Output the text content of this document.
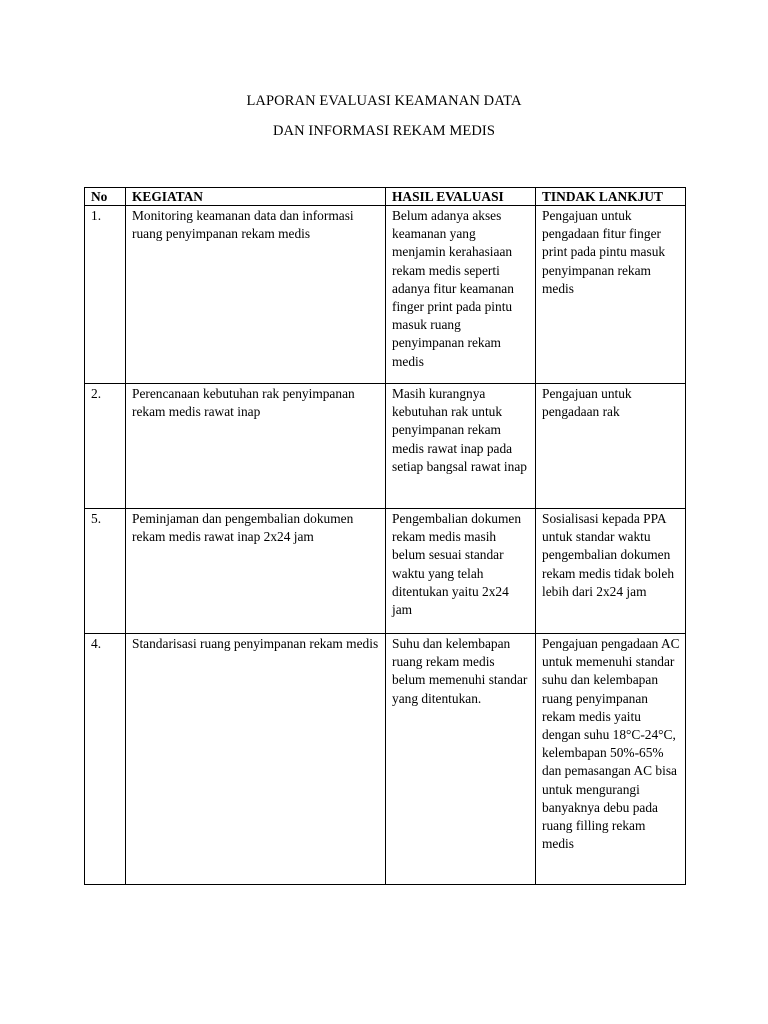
LAPORAN EVALUASI KEAMANAN DATA
DAN INFORMASI REKAM MEDIS
No	KEGIATAN	HASIL EVALUASI	TINDAK LANKJUT
1.	Monitoring keamanan data dan informasi ruang penyimpanan rekam medis	Belum adanya akses keamanan yang menjamin kerahasiaan rekam medis seperti adanya fitur keamanan finger print pada pintu masuk ruang penyimpanan rekam medis	Pengajuan untuk pengadaan fitur finger print pada pintu masuk penyimpanan rekam medis
2.	Perencanaan kebutuhan rak penyimpanan rekam medis rawat inap	Masih kurangnya kebutuhan rak untuk penyimpanan rekam medis rawat inap pada setiap bangsal rawat inap	Pengajuan untuk pengadaan rak
5.	Peminjaman dan pengembalian dokumen rekam medis rawat inap 2x24 jam	Pengembalian dokumen rekam medis masih belum sesuai standar waktu yang telah ditentukan yaitu 2x24 jam	Sosialisasi kepada PPA untuk standar waktu pengembalian dokumen rekam medis tidak boleh lebih dari 2x24 jam
4.	Standarisasi ruang penyimpanan rekam medis	Suhu dan kelembapan ruang rekam medis belum memenuhi standar yang ditentukan.	Pengajuan pengadaan AC untuk memenuhi standar suhu dan kelembapan ruang penyimpanan rekam medis yaitu dengan suhu 18°C-24°C, kelembapan 50%-65% dan pemasangan AC bisa untuk mengurangi banyaknya debu pada ruang filling rekam medis
